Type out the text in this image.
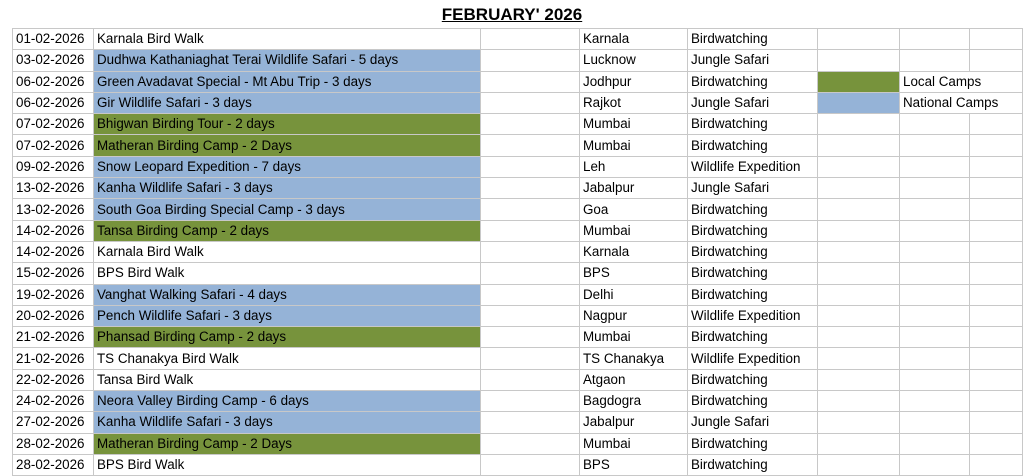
FEBRUARY' 2026
01-02-2026	Karnala Bird Walk		Karnala	Birdwatching			
03-02-2026	Dudhwa Kathaniaghat Terai Wildlife Safari - 5 days		Lucknow	Jungle Safari			
06-02-2026	Green Avadavat Special - Mt Abu Trip - 3 days		Jodhpur	Birdwatching		Local Camps	
06-02-2026	Gir Wildlife Safari - 3 days		Rajkot	Jungle Safari		National Camps	
07-02-2026	Bhigwan Birding Tour - 2 days		Mumbai	Birdwatching			
07-02-2026	Matheran Birding Camp - 2 Days		Mumbai	Birdwatching			
09-02-2026	Snow Leopard Expedition - 7 days		Leh	Wildlife Expedition			
13-02-2026	Kanha Wildlife Safari - 3 days		Jabalpur	Jungle Safari			
13-02-2026	South Goa Birding Special Camp - 3 days		Goa	Birdwatching			
14-02-2026	Tansa Birding Camp - 2 days		Mumbai	Birdwatching			
14-02-2026	Karnala Bird Walk		Karnala	Birdwatching			
15-02-2026	BPS Bird Walk		BPS	Birdwatching			
19-02-2026	Vanghat Walking Safari - 4 days		Delhi	Birdwatching			
20-02-2026	Pench Wildlife Safari - 3 days		Nagpur	Wildlife Expedition			
21-02-2026	Phansad Birding Camp - 2 days		Mumbai	Birdwatching			
21-02-2026	TS Chanakya Bird Walk		TS Chanakya	Wildlife Expedition			
22-02-2026	Tansa Bird Walk		Atgaon	Birdwatching			
24-02-2026	Neora Valley Birding Camp - 6 days		Bagdogra	Birdwatching			
27-02-2026	Kanha Wildlife Safari - 3 days		Jabalpur	Jungle Safari			
28-02-2026	Matheran Birding Camp - 2 Days		Mumbai	Birdwatching			
28-02-2026	BPS Bird Walk		BPS	Birdwatching			
